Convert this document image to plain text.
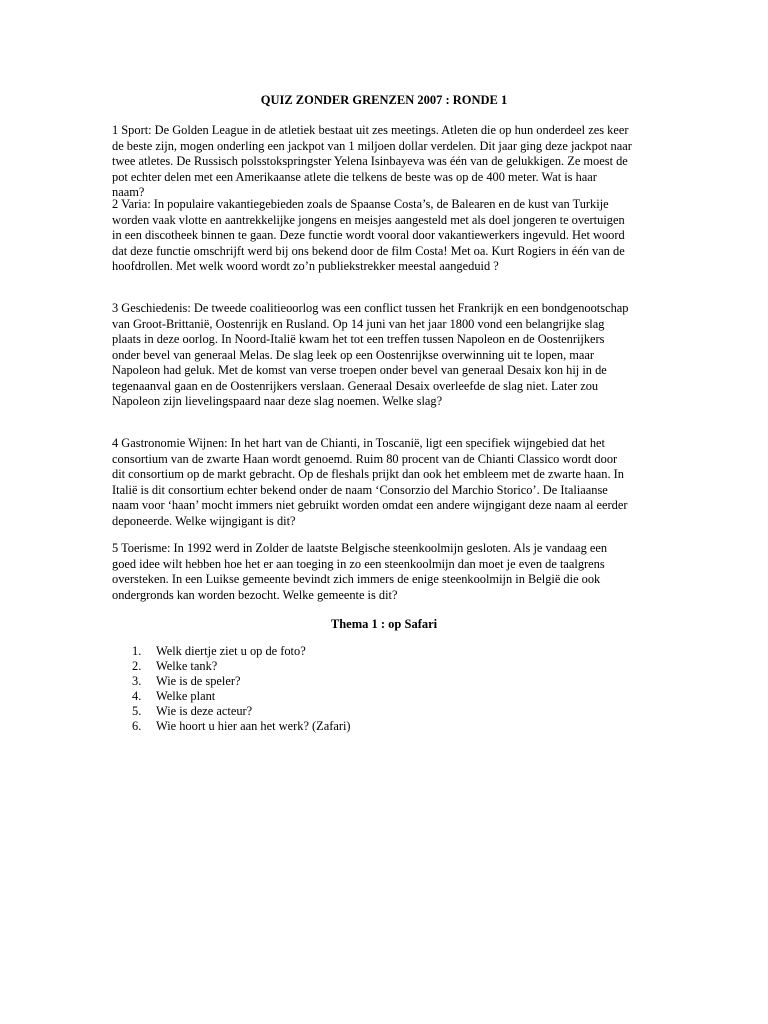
QUIZ ZONDER GRENZEN 2007 : RONDE 1
1 Sport: De Golden League in de atletiek bestaat uit zes meetings. Atleten die op hun onderdeel zes keer de beste zijn, mogen onderling een jackpot van 1 miljoen dollar verdelen. Dit jaar ging deze jackpot naar twee atletes. De Russisch polsstokspringster Yelena Isinbayeva was één van de gelukkigen. Ze moest de pot echter delen met een Amerikaanse atlete die telkens de beste was op de 400 meter. Wat is haar naam?
2 Varia: In populaire vakantiegebieden zoals de Spaanse Costa’s, de Balearen en de kust van Turkije worden vaak vlotte en aantrekkelijke jongens en meisjes aangesteld met als doel jongeren te overtuigen in een discotheek binnen te gaan. Deze functie wordt vooral door vakantiewerkers ingevuld. Het woord dat deze functie omschrijft werd bij ons bekend door de film Costa! Met oa. Kurt Rogiers in één van de hoofdrollen. Met welk woord wordt zo’n publiekstrekker meestal aangeduid ?
3 Geschiedenis: De tweede coalitieoorlog was een conflict tussen het Frankrijk en een bondgenootschap van Groot-Brittanië, Oostenrijk en Rusland. Op 14 juni van het jaar 1800 vond een belangrijke slag plaats in deze oorlog. In Noord-Italië kwam het tot een treffen tussen Napoleon en de Oostenrijkers onder bevel van generaal Melas. De slag leek op een Oostenrijkse overwinning uit te lopen, maar Napoleon had geluk. Met de komst van verse troepen onder bevel van generaal Desaix kon hij in de tegenaanval gaan en de Oostenrijkers verslaan. Generaal Desaix overleefde de slag niet. Later zou Napoleon zijn lievelingspaard naar deze slag noemen. Welke slag?
4 Gastronomie Wijnen: In het hart van de Chianti, in Toscanië, ligt een specifiek wijngebied dat het consortium van de zwarte Haan wordt genoemd. Ruim 80 procent van de Chianti Classico wordt door dit consortium op de markt gebracht. Op de fleshals prijkt dan ook het embleem met de zwarte haan. In Italië is dit consortium echter bekend onder de naam ‘Consorzio del Marchio Storico’. De Italiaanse naam voor ‘haan’ mocht immers niet gebruikt worden omdat een andere wijngigant deze naam al eerder deponeerde. Welke wijngigant is dit?
5 Toerisme: In 1992 werd in Zolder de laatste Belgische steenkoolmijn gesloten. Als je vandaag een goed idee wilt hebben hoe het er aan toeging in zo een steenkoolmijn dan moet je even de taalgrens oversteken. In een Luikse gemeente bevindt zich immers de enige steenkoolmijn in België die ook ondergronds kan worden bezocht. Welke gemeente is dit?
Thema 1 : op Safari
1.	Welk diertje ziet u op de foto?
2.	Welke tank?
3.	Wie is de speler?
4.	Welke plant
5.	Wie is deze acteur?
6.	Wie hoort u hier aan het werk? (Zafari)
